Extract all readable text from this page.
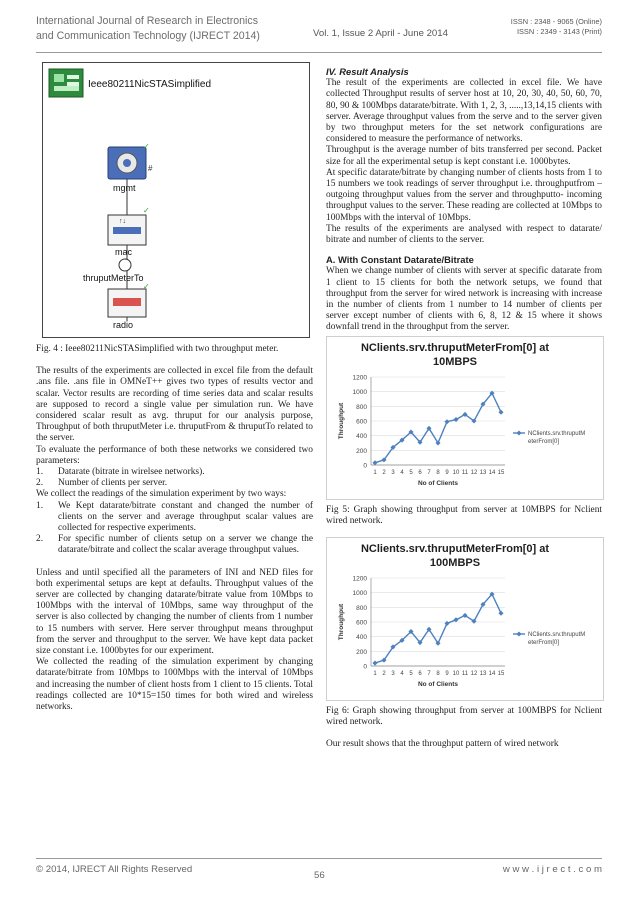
International Journal of Research in Electronics
and Communication Technology (IJRECT 2014)	Vol. 1, Issue 2 April - June 2014
ISSN : 2348 - 9065 (Online)
ISSN : 2349 - 3143 (Print)
Ieee80211NicSTASimplified
#
mgmt
↑↓
mac
thruputMeterTo
radio
✓
✓
✓

Fig. 4 : Ieee80211NicSTASimplified with two throughput meter.

The results of the experiments are collected in excel file from the default .ans file. .ans file in OMNeT++ gives two types of results vector and scalar. Vector results are recording of time series data and scalar results are supposed to record a single value per simulation run. We have considered scalar result as avg. thruput for our analysis purpose, Throughput of both thruputMeter i.e. thruputFrom & thruputTo related to the server.

To evaluate the performance of both these networks we considered two parameters:

1.	Datarate (bitrate in wirelsee networks).
2.	Number of clients per server.

We collect the readings of the simulation experiment by two ways:

1.	We Kept datarate/bitrate constant and changed the number of clients on the server and average throughput scalar values are collected for respective experiments.
2.	For specific number of clients setup on a server we change the datarate/bitrate and collect the scalar average throughput values.

Unless and until specified all the parameters of INI and NED files for both experimental setups are kept at defaults. Throughput values of the server are collected by changing datarate/bitrate value from 10Mbps to 100Mbps with the interval of 10Mbps, same way throughput of the server is also collected by changing the number of clients from 1 number to 15 numbers with server. Here server throughput means throughput from the server and throughput to the server. We have kept data packet size constant i.e. 1000bytes for our experiment.

We collected the reading of the simulation experiment by changing datarate/bitrate from 10Mbps to 100Mbps with the interval of 10Mbps and increasing the number of client hosts from 1 client to 15 clients. Total readings collected are 10*15=150 times for both wired and wireless networks.

IV. Result Analysis

The result of the experiments are collected in excel file. We have collected Throughput results of server host at 10, 20, 30, 40, 50, 60, 70, 80, 90 & 100Mbps datarate/bitrate. With 1, 2, 3, .....,13,14,15 clients with server. Average throughput values from the serve and to the server given by two throughput meters for the set network configurations are considered to measure the performance of networks.

Throughput is the average number of bits transferred per second. Packet size for all the experimental setup is kept constant i.e. 1000bytes.

At specific datarate/bitrate by changing number of clients hosts from 1 to 15 numbers we took readings of server throughput i.e. throughputfrom – outgoing throughput values from the server and throughputto- incoming throughput values to the server. These reading are collected at 10Mbps to 100Mbps with the interval of 10Mbps.

The results of the experiments are analysed with respect to datarate/ bitrate and number of clients to the server.

A. With Constant Datarate/Bitrate

When we change number of clients with server at specific datarate from 1 client to 15 clients for both the network setups, we found that throughput from the server for wired network is increasing with increase in the number of clients from 1 number to 14 number of clients per server except number of clients with 6, 8, 12 & 15 where it shows downfall trend in the throughput from the server.

NClients.srv.thruputMeterFrom[0] at
10MBPS
0
200
400
600
800
1000
1200
1 2 3 4 5 6 7 8 9 10 11 12 13 14 15
No of Clients
Throughput	NClients.srv.thruputM
eterFrom[0]

Fig 5: Graph showing throughput from server at 10MBPS for Nclient wired network.

NClients.srv.thruputMeterFrom[0] at
100MBPS
0
200
400
600
800
1000
1200
1 2 3 4 5 6 7 8 9 10 11 12 13 14 15
No of Clients
Throughput	NClients.srv.thruputM
eterFrom[0]

Fig 6: Graph showing throughput from server at 100MBPS for Nclient wired network.

Our result shows that the throughput pattern of wired network

© 2014, IJRECT All Rights Reserved
56
w w w . i j r e c t . c o m
